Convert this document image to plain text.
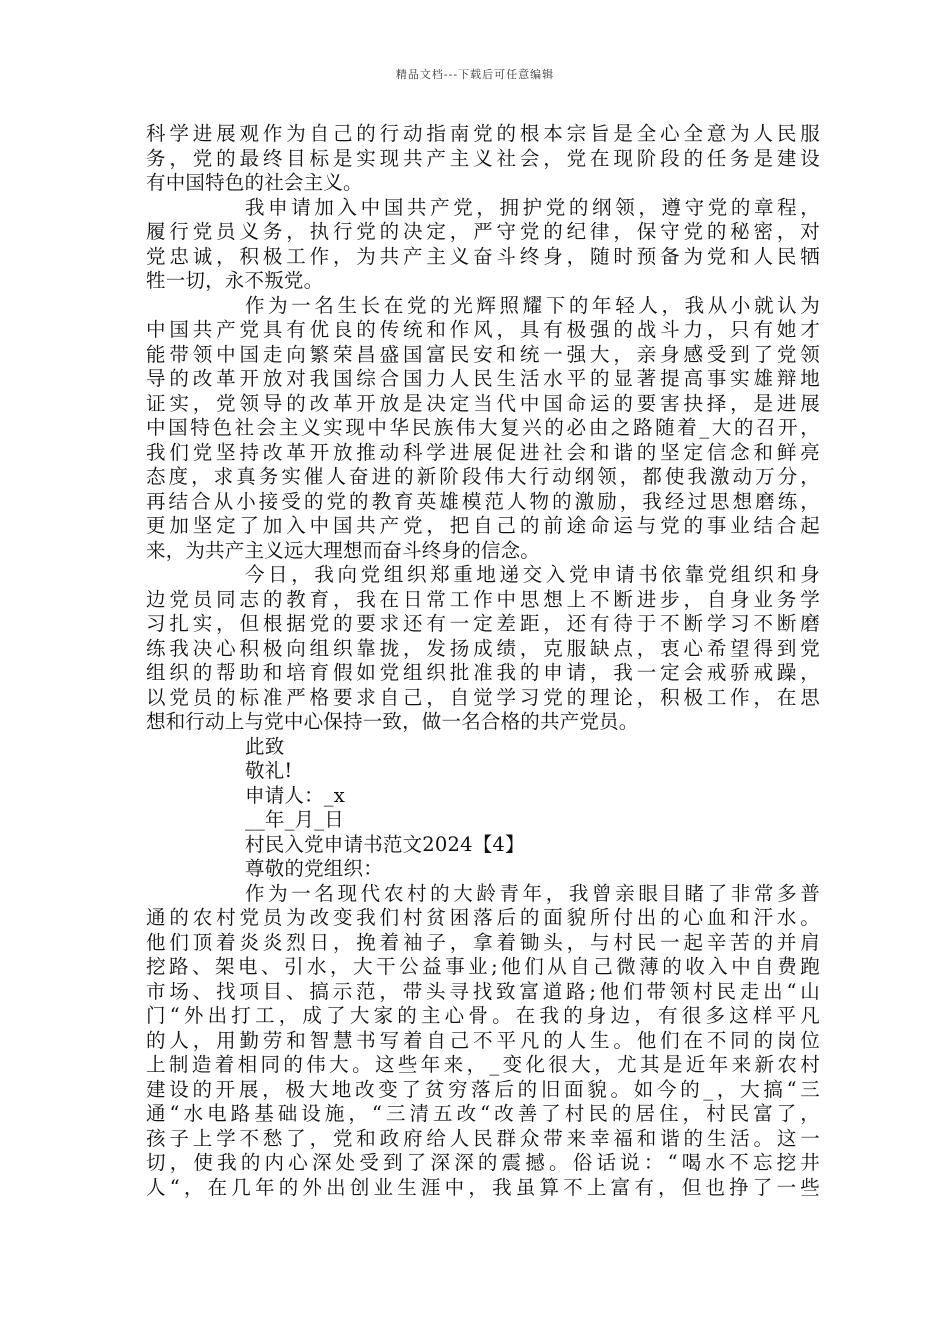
精品文档---下载后可任意编辑
科学进展观作为自己的行动指南党的根本宗旨是全心全意为人民服
务，党的最终目标是实现共产主义社会，党在现阶段的任务是建设
有中国特色的社会主义。
我申请加入中国共产党，拥护党的纲领，遵守党的章程，
履行党员义务，执行党的决定，严守党的纪律，保守党的秘密，对
党忠诚，积极工作，为共产主义奋斗终身，随时预备为党和人民牺
牲一切，永不叛党。
作为一名生长在党的光辉照耀下的年轻人，我从小就认为
中国共产党具有优良的传统和作风，具有极强的战斗力，只有她才
能带领中国走向繁荣昌盛国富民安和统一强大，亲身感受到了党领
导的改革开放对我国综合国力人民生活水平的显著提高事实雄辩地
证实，党领导的改革开放是决定当代中国命运的要害抉择，是进展
中国特色社会主义实现中华民族伟大复兴的必由之路随着_大的召开，
我们党坚持改革开放推动科学进展促进社会和谐的坚定信念和鲜亮
态度，求真务实催人奋进的新阶段伟大行动纲领，都使我激动万分，
再结合从小接受的党的教育英雄模范人物的激励，我经过思想磨练，
更加坚定了加入中国共产党，把自己的前途命运与党的事业结合起
来，为共产主义远大理想而奋斗终身的信念。
今日，我向党组织郑重地递交入党申请书依靠党组织和身
边党员同志的教育，我在日常工作中思想上不断进步，自身业务学
习扎实，但根据党的要求还有一定差距，还有待于不断学习不断磨
练我决心积极向组织靠拢，发扬成绩，克服缺点，衷心希望得到党
组织的帮助和培育假如党组织批准我的申请，我一定会戒骄戒躁，
以党员的标准严格要求自己，自觉学习党的理论，积极工作，在思
想和行动上与党中心保持一致，做一名合格的共产党员。
此致
敬礼!
申请人：_x
__年_月_日
村民入党申请书范文2024【4】
尊敬的党组织：
作为一名现代农村的大龄青年，我曾亲眼目睹了非常多普
通的农村党员为改变我们村贫困落后的面貌所付出的心血和汗水。
他们顶着炎炎烈日，挽着袖子，拿着锄头，与村民一起辛苦的并肩
挖路、架电、引水，大干公益事业;他们从自己微薄的收入中自费跑
市场、找项目、搞示范，带头寻找致富道路;他们带领村民走出“山
门“外出打工，成了大家的主心骨。在我的身边，有很多这样平凡
的人，用勤劳和智慧书写着自己不平凡的人生。他们在不同的岗位
上制造着相同的伟大。这些年来，_变化很大，尤其是近年来新农村
建设的开展，极大地改变了贫穷落后的旧面貌。如今的_，大搞“三
通“水电路基础设施，“三清五改“改善了村民的居住，村民富了，
孩子上学不愁了，党和政府给人民群众带来幸福和谐的生活。这一
切，使我的内心深处受到了深深的震撼。俗话说：“喝水不忘挖井
人“，在几年的外出创业生涯中，我虽算不上富有，但也挣了一些
